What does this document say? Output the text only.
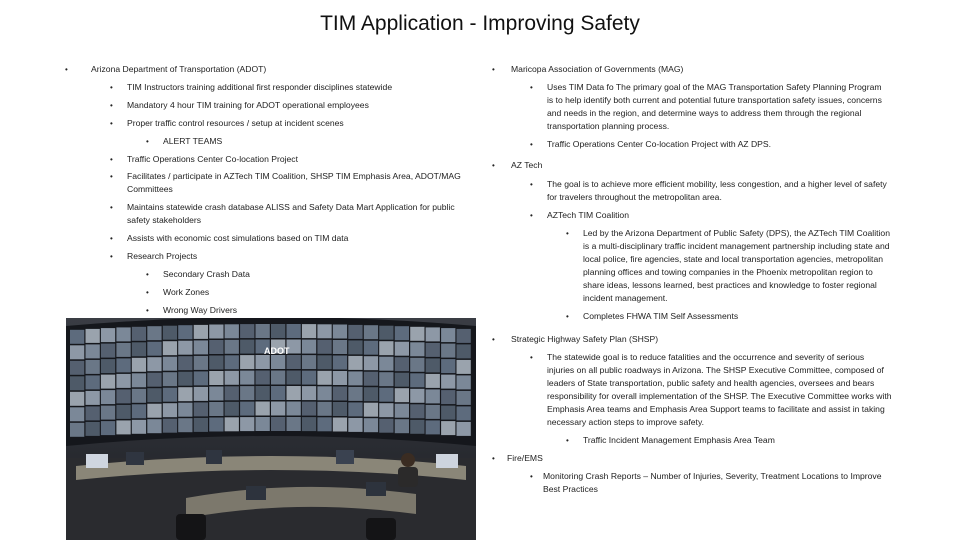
TIM Application - Improving Safety
•	Arizona Department of Transportation (ADOT)
• TIM Instructors training additional first responder disciplines statewide
• Mandatory 4 hour TIM training for ADOT operational employees
• Proper traffic control resources / setup at incident scenes
• ALERT TEAMS
• Traffic Operations Center Co-location Project
• Facilitates / participate in AZTech TIM Coalition, SHSP TIM Emphasis Area, ADOT/MAG Committees
• Maintains statewide crash database ALISS and Safety Data Mart Application for public safety stakeholders
• Assists with economic cost simulations based on TIM data
• Research Projects
• Secondary Crash Data
• Work Zones
• Wrong Way Drivers
• Maricopa Association of Governments (MAG)
• Uses TIM Data fo The primary goal of the MAG Transportation Safety Planning Program is to help identify both current and potential future transportation safety issues, concerns and needs in the region, and determine ways to address them through the regional transportation planning process.
• Traffic Operations Center Co-location Project with AZ DPS.
• AZ Tech
• The goal is to achieve more efficient mobility, less congestion, and a higher level of safety for travelers throughout the metropolitan area.
• AZTech TIM Coalition
• Led by the Arizona Department of Public Safety (DPS), the AZTech TIM Coalition is a multi-disciplinary traffic incident management partnership including state and local police, fire agencies, state and local transportation agencies, metropolitan planning offices and towing companies in the Phoenix metropolitan region to share ideas, lessons learned, best practices and knowledge to foster regional incident management.
• Completes FHWA TIM Self Assessments
• Strategic Highway Safety Plan (SHSP)
• The statewide goal is to reduce fatalities and the occurrence and severity of serious injuries on all public roadways in Arizona. The SHSP Executive Committee, composed of leaders of State transportation, public safety and health agencies, oversees and bears responsibility for overall implementation of the SHSP. The Executive Committee works with Emphasis Area teams and Emphasis Area Support teams to facilitate and assist in taking necessary action steps to improve safety.
• Traffic Incident Management Emphasis Area Team
• Fire/EMS
• Monitoring Crash Reports – Number of Injuries, Severity, Treatment Locations to Improve Best Practices
ADOT
